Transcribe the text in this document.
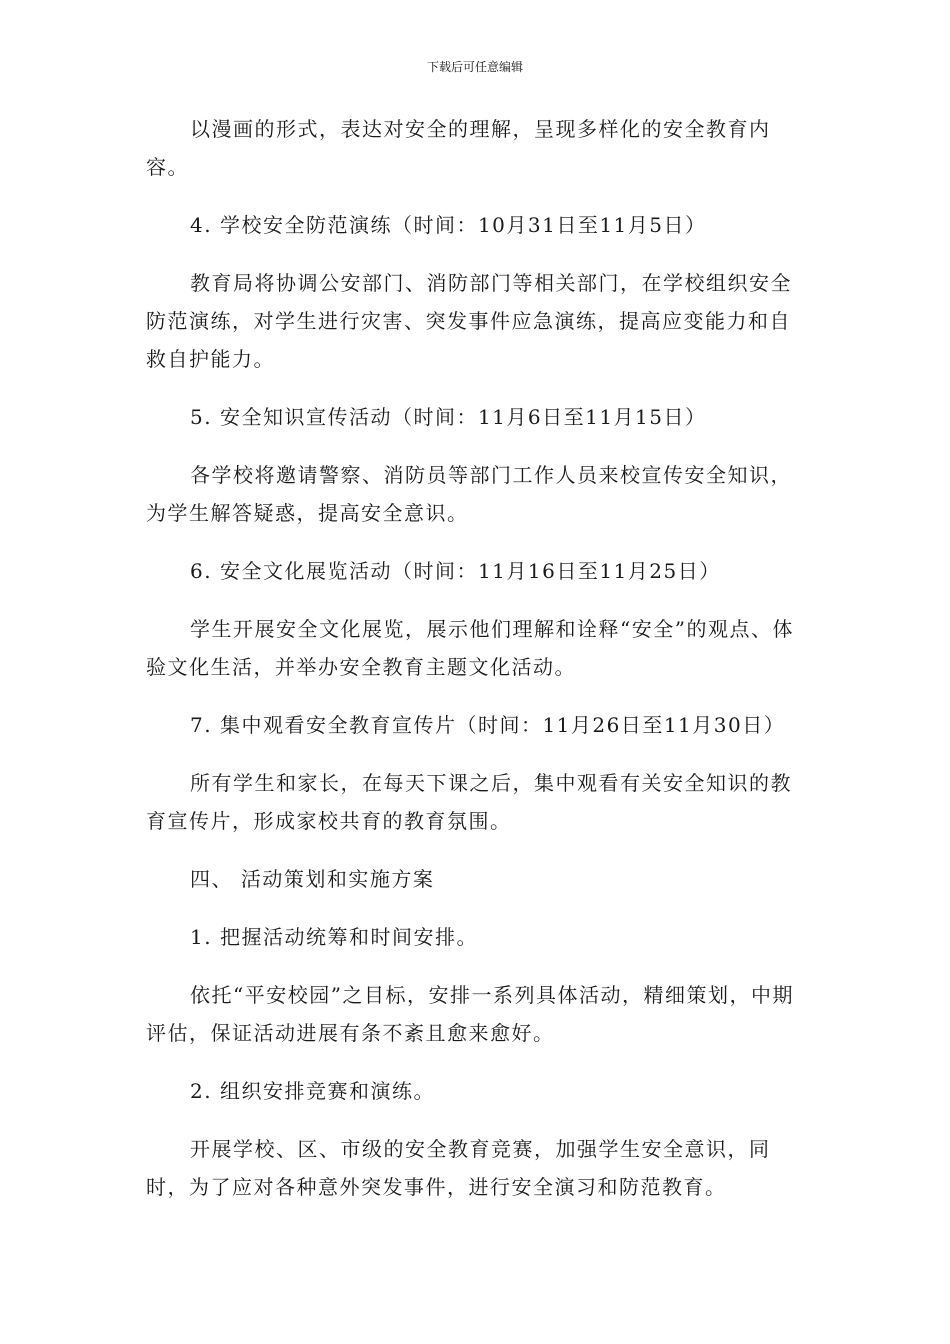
下载后可任意编辑

以漫画的形式，表达对安全的理解，呈现多样化的安全教育内容。

4. 学校安全防范演练（时间：10月31日至11月5日）

教育局将协调公安部门、消防部门等相关部门，在学校组织安全防范演练，对学生进行灾害、突发事件应急演练，提高应变能力和自救自护能力。

5. 安全知识宣传活动（时间：11月6日至11月15日）

各学校将邀请警察、消防员等部门工作人员来校宣传安全知识，为学生解答疑惑，提高安全意识。

6. 安全文化展览活动（时间：11月16日至11月25日）

学生开展安全文化展览，展示他们理解和诠释“安全”的观点、体验文化生活，并举办安全教育主题文化活动。

7. 集中观看安全教育宣传片（时间：11月26日至11月30日）

所有学生和家长，在每天下课之后，集中观看有关安全知识的教育宣传片，形成家校共育的教育氛围。

四、 活动策划和实施方案

1. 把握活动统筹和时间安排。

依托“平安校园”之目标，安排一系列具体活动，精细策划，中期评估，保证活动进展有条不紊且愈来愈好。

2. 组织安排竞赛和演练。

开展学校、区、市级的安全教育竞赛，加强学生安全意识，同时，为了应对各种意外突发事件，进行安全演习和防范教育。
